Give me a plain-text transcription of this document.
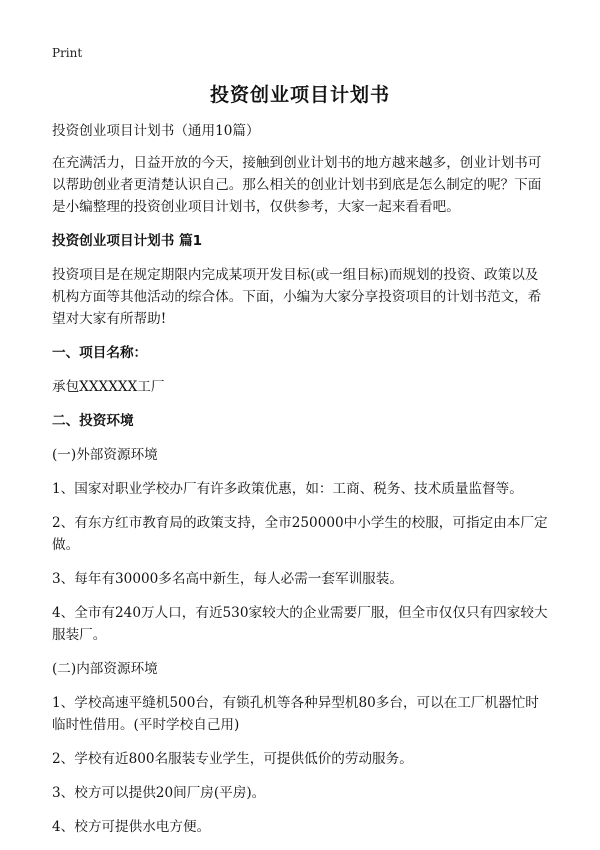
Print
投资创业项目计划书

投资创业项目计划书（通用10篇）

在充满活力，日益开放的今天，接触到创业计划书的地方越来越多，创业计划书可以帮助创业者更清楚认识自己。那么相关的创业计划书到底是怎么制定的呢？下面是小编整理的投资创业项目计划书，仅供参考，大家一起来看看吧。

投资创业项目计划书 篇1

投资项目是在规定期限内完成某项开发目标(或一组目标)而规划的投资、政策以及机构方面等其他活动的综合体。下面，小编为大家分享投资项目的计划书范文，希望对大家有所帮助!

一、项目名称：

承包XXXXXX工厂

二、投资环境

(一)外部资源环境

1、国家对职业学校办厂有许多政策优惠，如：工商、税务、技术质量监督等。

2、有东方红市教育局的政策支持，全市250000中小学生的校服，可指定由本厂定做。

3、每年有30000多名高中新生，每人必需一套军训服装。

4、全市有240万人口，有近530家较大的企业需要厂服，但全市仅仅只有四家较大服装厂。

(二)内部资源环境

1、学校高速平缝机500台，有锁孔机等各种异型机80多台，可以在工厂机器忙时临时性借用。(平时学校自己用)

2、学校有近800名服装专业学生，可提供低价的劳动服务。

3、校方可以提供20间厂房(平房)。

4、校方可提供水电方便。
